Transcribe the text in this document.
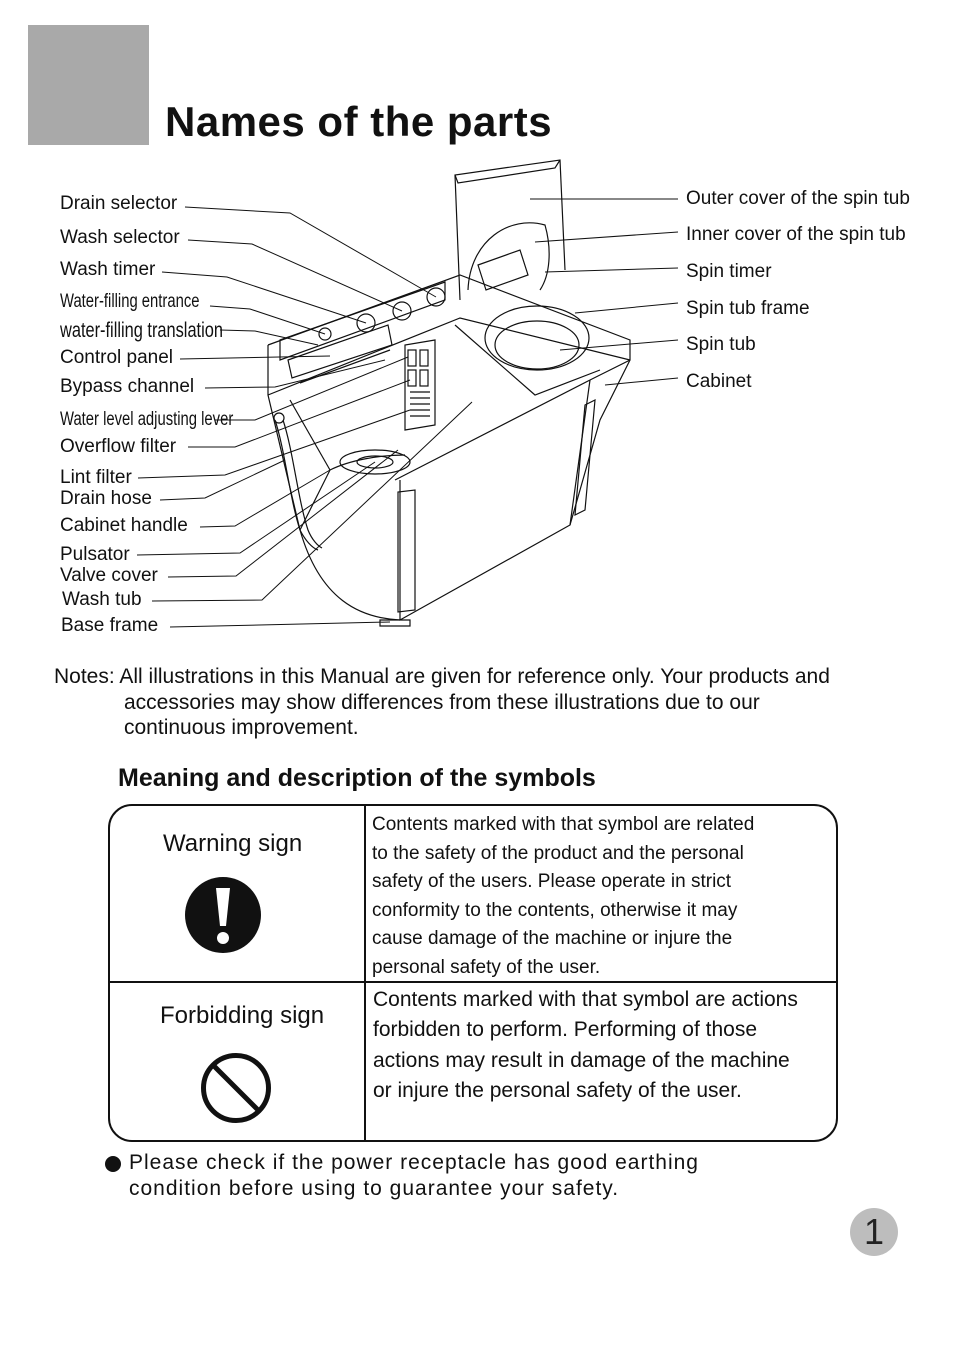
Names of the parts
Drain selector
Wash selector
Wash timer
Water-filling entrance
water-filling translation
Control panel
Bypass channel
Water level adjusting lever
Overflow filter
Lint filter
Drain hose
Cabinet handle
Pulsator
Valve cover
Wash tub
Base frame
Outer cover of the spin tub
Inner cover of the spin tub
Spin timer
Spin tub frame
Spin tub
Cabinet
Notes: All illustrations in this Manual are given for reference only. Your products and
accessories may show differences from these illustrations due to our
continuous improvement.
Meaning and description of the symbols
Warning sign
Contents marked with that symbol are related
to the safety of the product and the personal
safety of the users. Please operate in strict
conformity to the contents, otherwise it may
cause damage of the machine or injure the
personal safety of the user.
Forbidding sign
Contents marked with that symbol are actions
forbidden to perform. Performing of those
actions may result in damage of the machine
or injure the personal safety of the user.
Please check if the power receptacle has good earthing
condition before using to guarantee your safety.
1
